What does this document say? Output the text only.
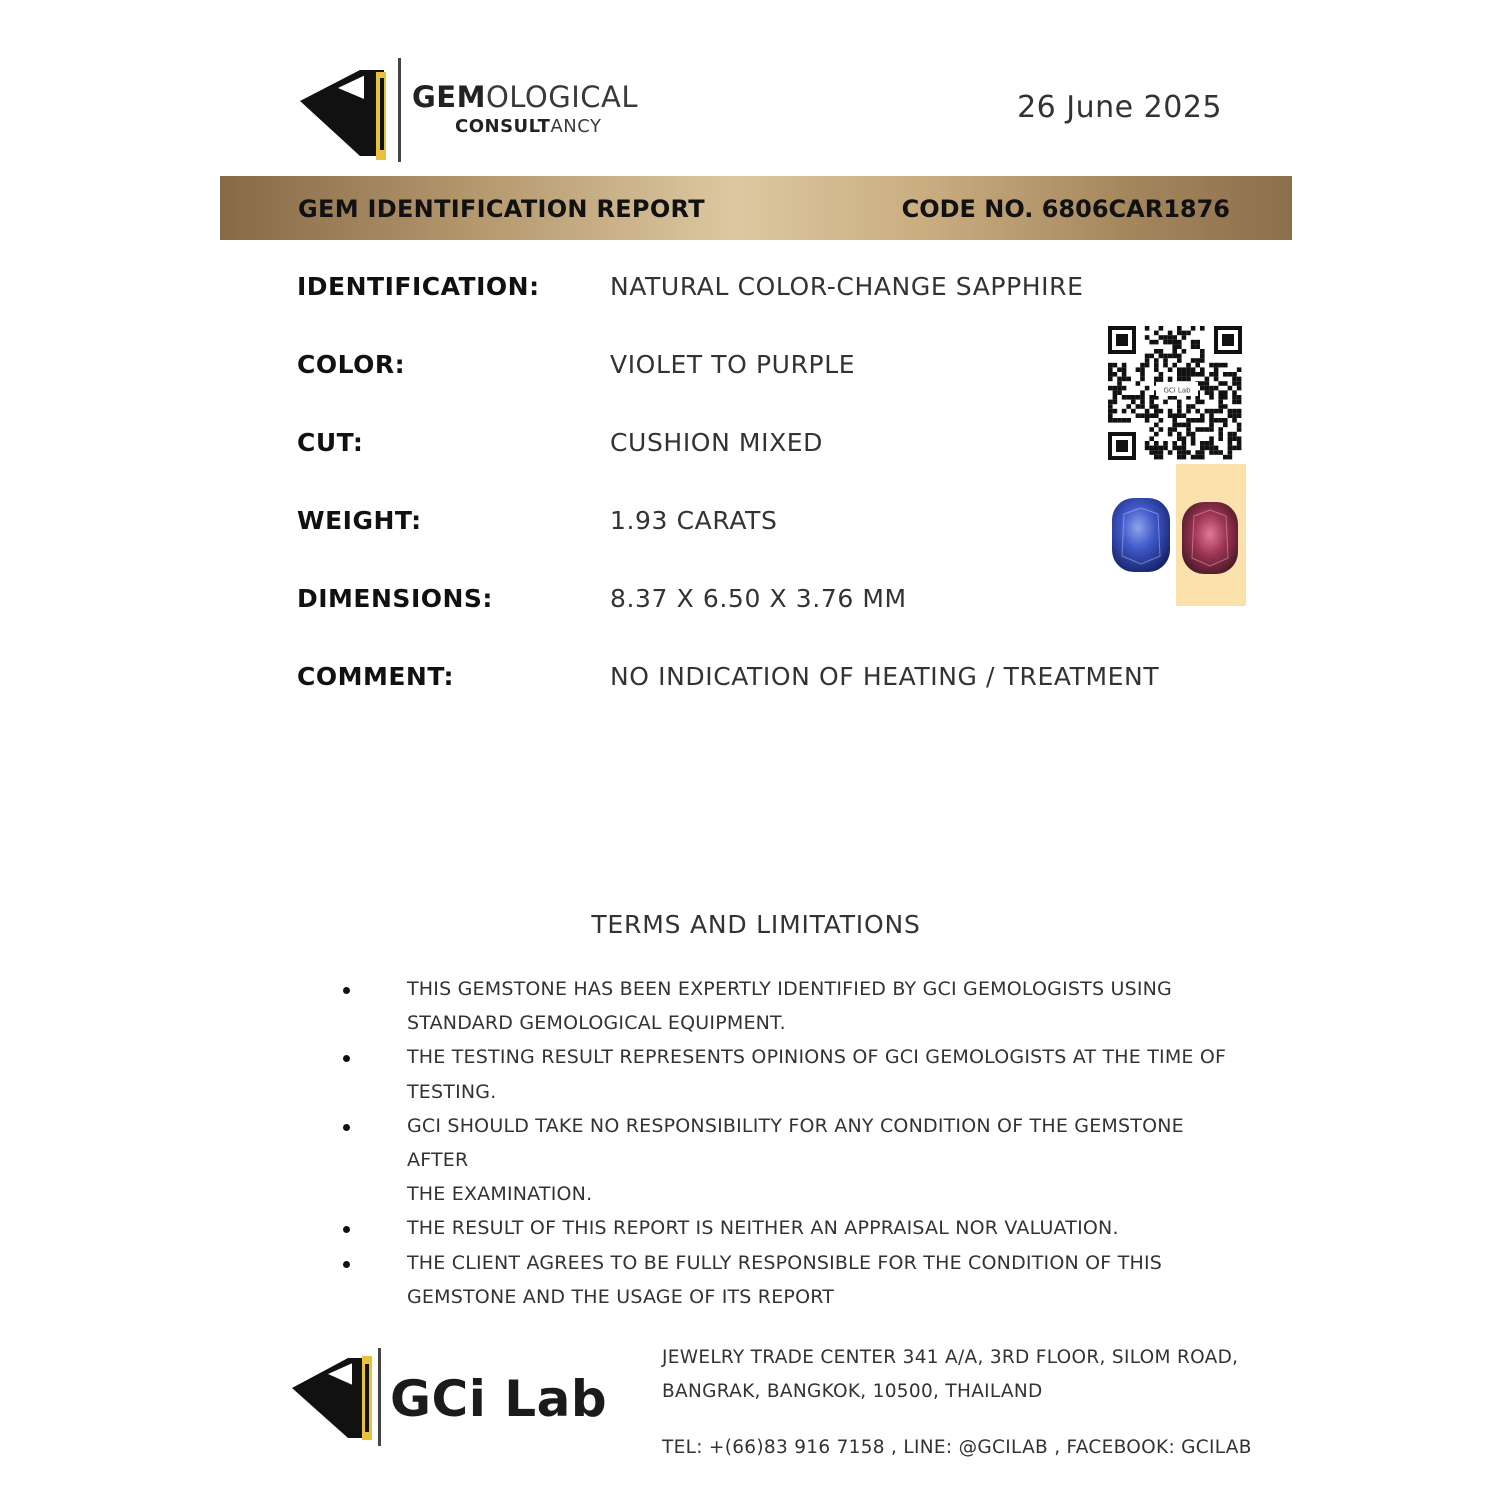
GEMOLOGICAL
CONSULTANCY
26 June 2025
GEM IDENTIFICATION REPORT	CODE NO. 6806CAR1876
IDENTIFICATION:	NATURAL COLOR-CHANGE SAPPHIRE
COLOR:	VIOLET TO PURPLE
CUT:	CUSHION MIXED
WEIGHT:	1.93 CARATS
DIMENSIONS:	8.37 X 6.50 X 3.76 MM
COMMENT:	NO INDICATION OF HEATING / TREATMENT
GCi Lab
TERMS AND LIMITATIONS
THIS GEMSTONE HAS BEEN EXPERTLY IDENTIFIED BY GCI GEMOLOGISTS USING
STANDARD GEMOLOGICAL EQUIPMENT.
THE TESTING RESULT REPRESENTS OPINIONS OF GCI GEMOLOGISTS AT THE TIME OF
TESTING.
GCI SHOULD TAKE NO RESPONSIBILITY FOR ANY CONDITION OF THE GEMSTONE AFTER
THE EXAMINATION.
THE RESULT OF THIS REPORT IS NEITHER AN APPRAISAL NOR VALUATION.
THE CLIENT AGREES TO BE FULLY RESPONSIBLE FOR THE CONDITION OF THIS
GEMSTONE AND THE USAGE OF ITS REPORT
GCi Lab
JEWELRY TRADE CENTER 341 A/A, 3RD FLOOR, SILOM ROAD,
BANGRAK, BANGKOK, 10500, THAILAND
TEL: +(66)83 916 7158 , LINE: @GCILAB , FACEBOOK: GCILAB
